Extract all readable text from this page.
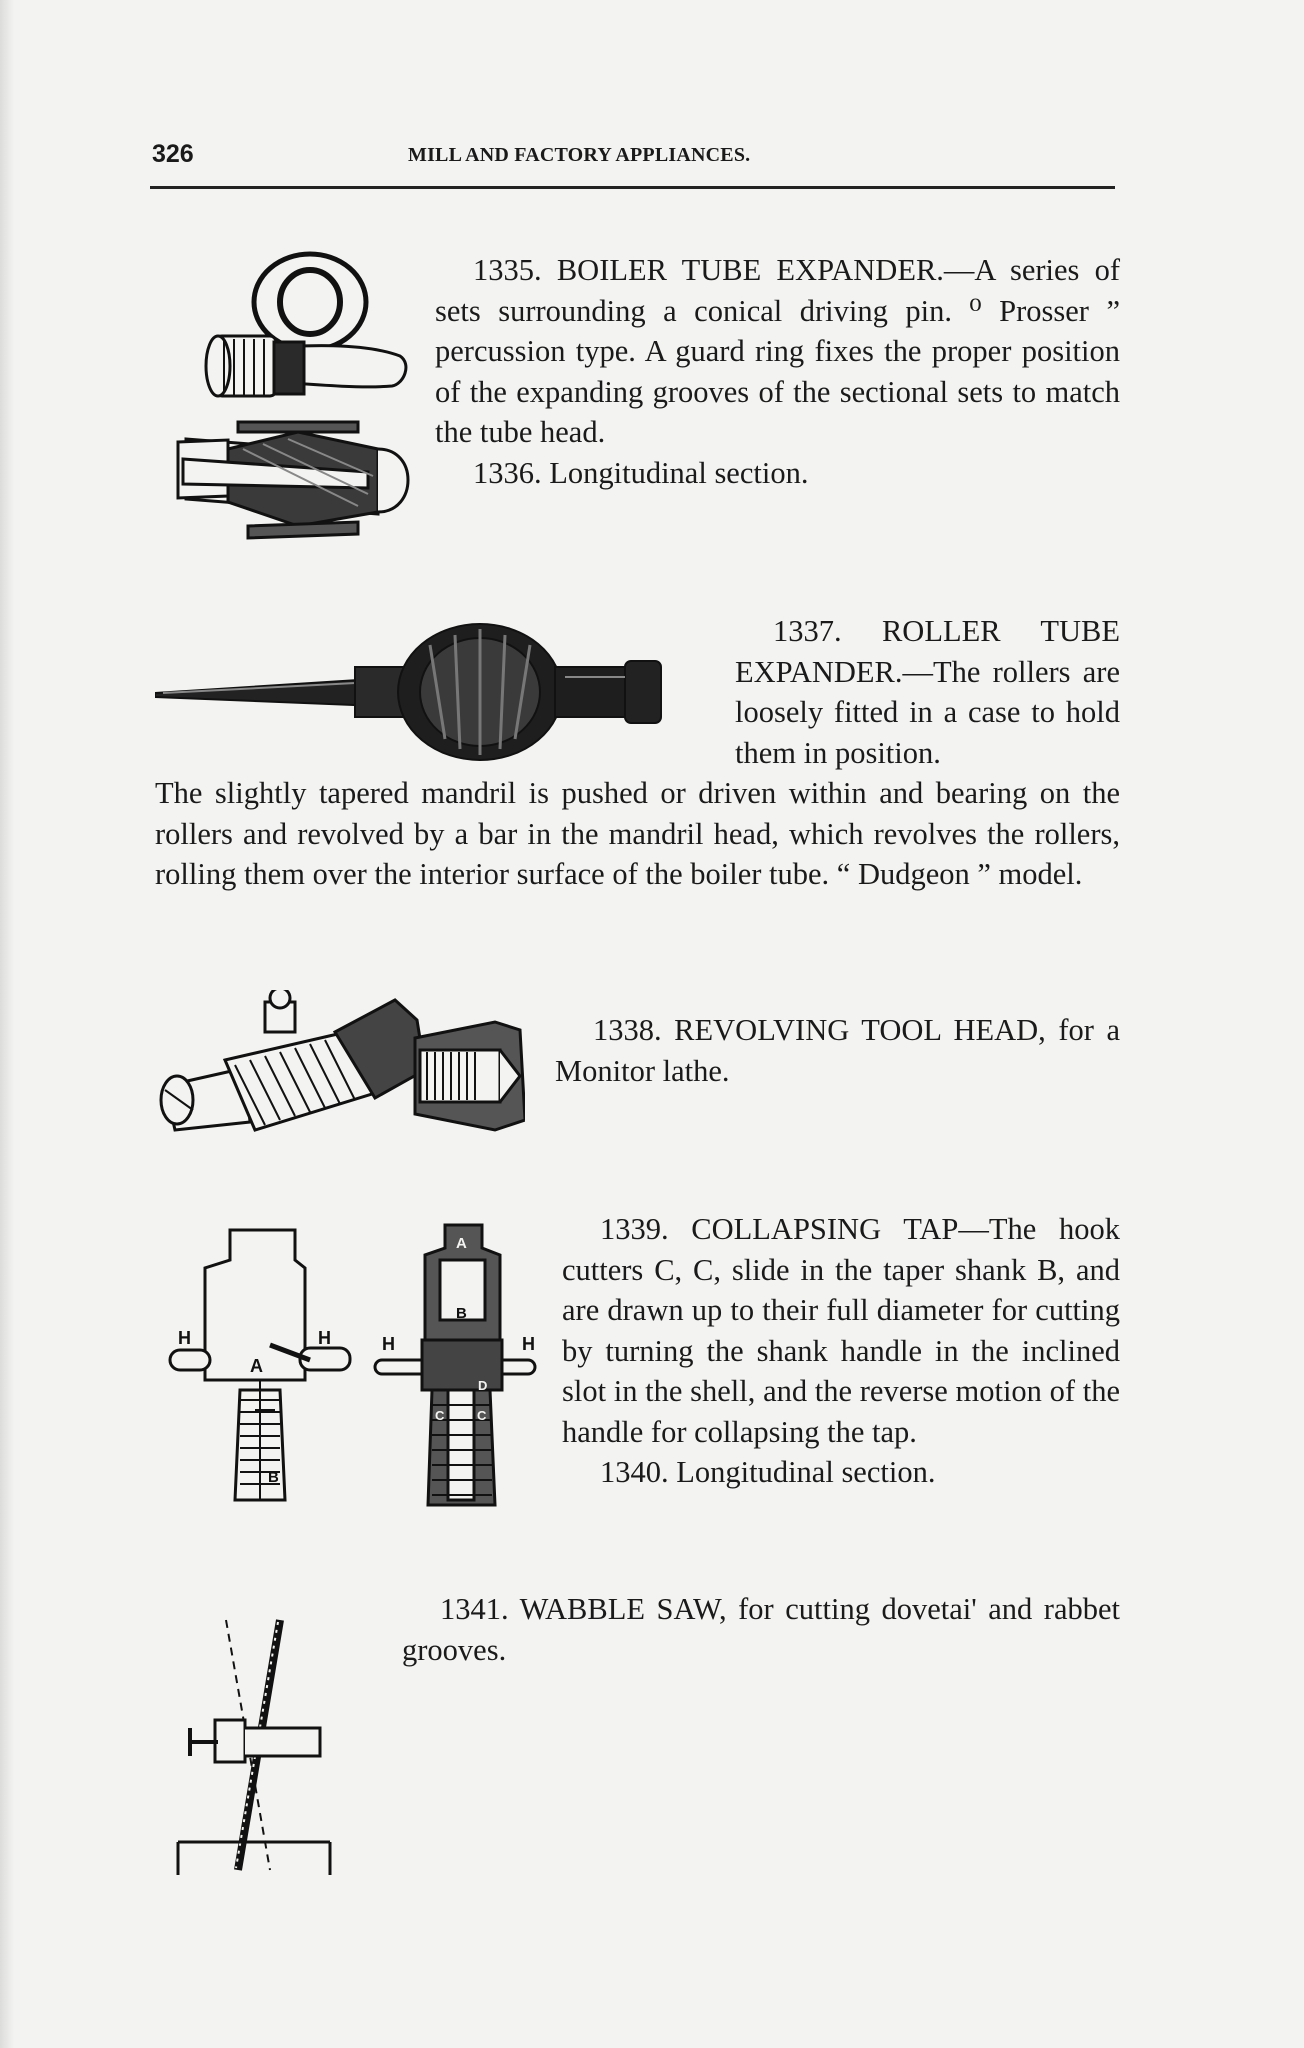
326	MILL AND FACTORY APPLIANCES.

1335. BOILER TUBE EXPANDER.—A series of sets surrounding a conical driving pin. ⁰ Prosser ” percussion type. A guard ring fixes the proper position of the expanding grooves of the sectional sets to match the tube head.
1336. Longitudinal section.

1337. ROLLER TUBE EXPANDER.—The rollers are loosely fitted in a case to hold them in position.

The slightly tapered mandril is pushed or driven within and bearing on the rollers and revolved by a bar in the mandril head, which revolves the rollers, rolling them over the interior surface of the boiler tube. “ Dudgeon ” model.

1338. REVOLVING TOOL HEAD, for a Monitor lathe.

H	H
A
B
H	H
A
B
C	C
D

1339. COLLAPSING TAP—The hook cutters C, C, slide in the taper shank B, and are drawn up to their full diameter for cutting by turning the shank handle in the inclined slot in the shell, and the reverse motion of the handle for collapsing the tap.
1340. Longitudinal section.

1341. WABBLE SAW, for cutting dovetai' and rabbet grooves.
